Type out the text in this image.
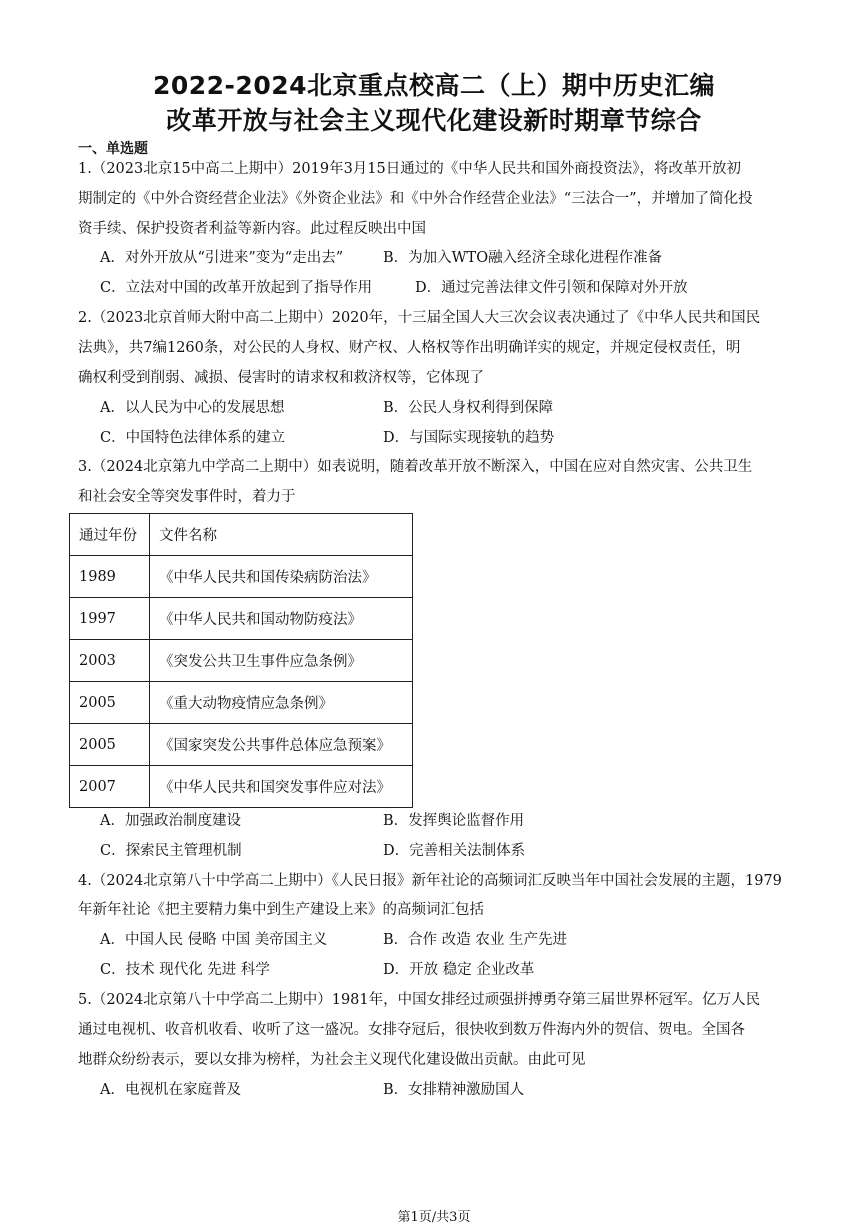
2022-2024北京重点校高二（上）期中历史汇编
改革开放与社会主义现代化建设新时期章节综合
一、单选题
1.（2023北京15中高二上期中）2019年3月15日通过的《中华人民共和国外商投资法》，将改革开放初
期制定的《中外合资经营企业法》《外资企业法》和《中外合作经营企业法》“三法合一”，并增加了简化投
资手续、保护投资者利益等新内容。此过程反映出中国
A．对外开放从“引进来”变为“走出去”	B．为加入WTO融入经济全球化进程作准备
C．立法对中国的改革开放起到了指导作用	D．通过完善法律文件引领和保障对外开放
2.（2023北京首师大附中高二上期中）2020年，十三届全国人大三次会议表决通过了《中华人民共和国民
法典》，共7编1260条，对公民的人身权、财产权、人格权等作出明确详实的规定，并规定侵权责任，明
确权利受到削弱、减损、侵害时的请求权和救济权等，它体现了
A．以人民为中心的发展思想	B．公民人身权利得到保障
C．中国特色法律体系的建立	D．与国际实现接轨的趋势
3.（2024北京第九中学高二上期中）如表说明，随着改革开放不断深入，中国在应对自然灾害、公共卫生
和社会安全等突发事件时，着力于
通过年份	文件名称
1989	《中华人民共和国传染病防治法》
1997	《中华人民共和国动物防疫法》
2003	《突发公共卫生事件应急条例》
2005	《重大动物疫情应急条例》
2005	《国家突发公共事件总体应急预案》
2007	《中华人民共和国突发事件应对法》
A．加强政治制度建设	B．发挥舆论监督作用
C．探索民主管理机制	D．完善相关法制体系
4.（2024北京第八十中学高二上期中）《人民日报》新年社论的高频词汇反映当年中国社会发展的主题，1979
年新年社论《把主要精力集中到生产建设上来》的高频词汇包括
A．中国人民 侵略 中国 美帝国主义	B．合作 改造 农业 生产先进
C．技术 现代化 先进 科学	D．开放 稳定 企业改革
5.（2024北京第八十中学高二上期中）1981年，中国女排经过顽强拼搏勇夺第三届世界杯冠军。亿万人民
通过电视机、收音机收看、收听了这一盛况。女排夺冠后，很快收到数万件海内外的贺信、贺电。全国各
地群众纷纷表示，要以女排为榜样，为社会主义现代化建设做出贡献。由此可见
A．电视机在家庭普及	B．女排精神激励国人
第1页/共3页
